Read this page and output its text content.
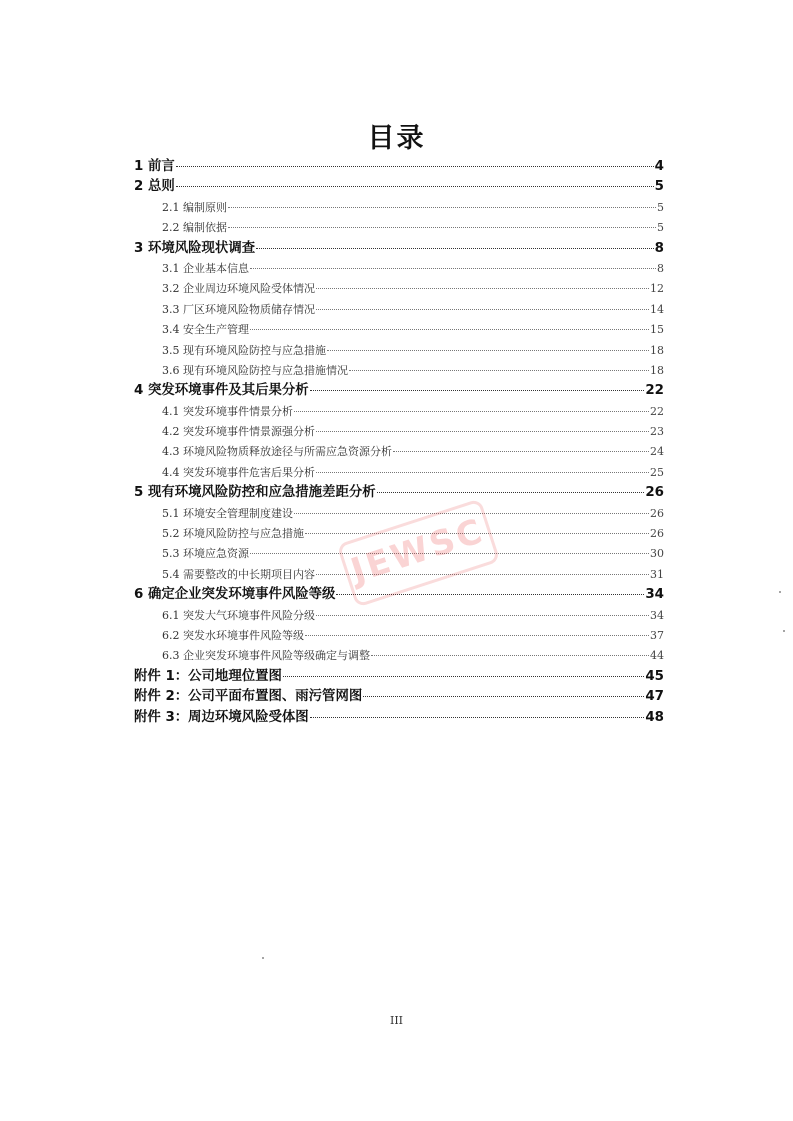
目录
1 前言	4
2 总则	5
2.1 编制原则	5
2.2 编制依据	5
3 环境风险现状调查	8
3.1 企业基本信息	8
3.2 企业周边环境风险受体情况	12
3.3 厂区环境风险物质储存情况	14
3.4 安全生产管理	15
3.5 现有环境风险防控与应急措施	18
3.6 现有环境风险防控与应急措施情况	18
4 突发环境事件及其后果分析	22
4.1 突发环境事件情景分析	22
4.2 突发环境事件情景源强分析	23
4.3 环境风险物质释放途径与所需应急资源分析	24
4.4 突发环境事件危害后果分析	25
5 现有环境风险防控和应急措施差距分析	26
5.1 环境安全管理制度建设	26
5.2 环境风险防控与应急措施	26
5.3 环境应急资源	30
5.4 需要整改的中长期项目内容	31
6 确定企业突发环境事件风险等级	34
6.1 突发大气环境事件风险分级	34
6.2 突发水环境事件风险等级	37
6.3 企业突发环境事件风险等级确定与调整	44
附件 1：公司地理位置图	45
附件 2：公司平面布置图、雨污管网图	47
附件 3：周边环境风险受体图	48
JEWSC
III
